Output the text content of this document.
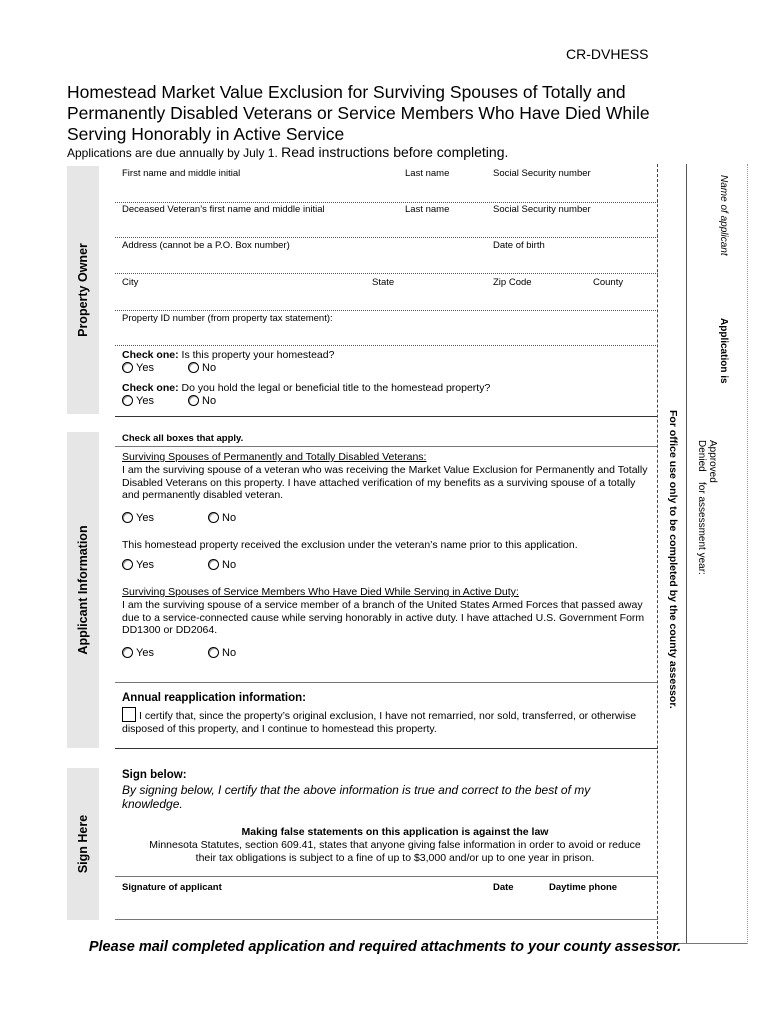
CR-DVHESS
Homestead Market Value Exclusion for Surviving Spouses of Totally and Permanently Disabled Veterans or Service Members Who Have Died While Serving Honorably in Active Service
Applications are due annually by July 1. Read instructions before completing.
Property Owner
Applicant Information
Sign Here
First name and middle initial	Last name	Social Security number
Deceased Veteran’s first name and middle initial	Last name	Social Security number
Address (cannot be a P.O. Box number)	Date of birth
City	State	Zip Code	County
Property ID number (from property tax statement):
Check one: Is this property your homestead?
Yes	No
Check one: Do you hold the legal or beneficial title to the homestead property?
Yes	No
Check all boxes that apply.
Surviving Spouses of Permanently and Totally Disabled Veterans:
I am the surviving spouse of a veteran who was receiving the Market Value Exclusion for Permanently and Totally Disabled Veterans on this property. I have attached verification of my benefits as a surviving spouse of a totally and permanently disabled veteran.
Yes	No
This homestead property received the exclusion under the veteran’s name prior to this application.
Yes	No
Surviving Spouses of Service Members Who Have Died While Serving in Active Duty:
I am the surviving spouse of a service member of a branch of the United States Armed Forces that passed away due to a service-connected cause while serving honorably in active duty. I have attached U.S. Government Form DD1300 or DD2064.
Yes	No
Annual reapplication information:
I certify that, since the property’s original exclusion, I have not remarried, nor sold, transferred, or otherwise disposed of this property, and I continue to homestead this property.
Sign below:
By signing below, I certify that the above information is true and correct to the best of my knowledge.
Making false statements on this application is against the law
Minnesota Statutes, section 609.41, states that anyone giving false information in order to avoid or reduce their tax obligations is subject to a fine of up to $3,000 and/or up to one year in prison.
Signature of applicant	Date	Daytime phone
For office use only to be completed by the county assessor.
Name of applicant
Application is
Approved
Denied
for assessment year:
Please mail completed application and required attachments to your county assessor.
